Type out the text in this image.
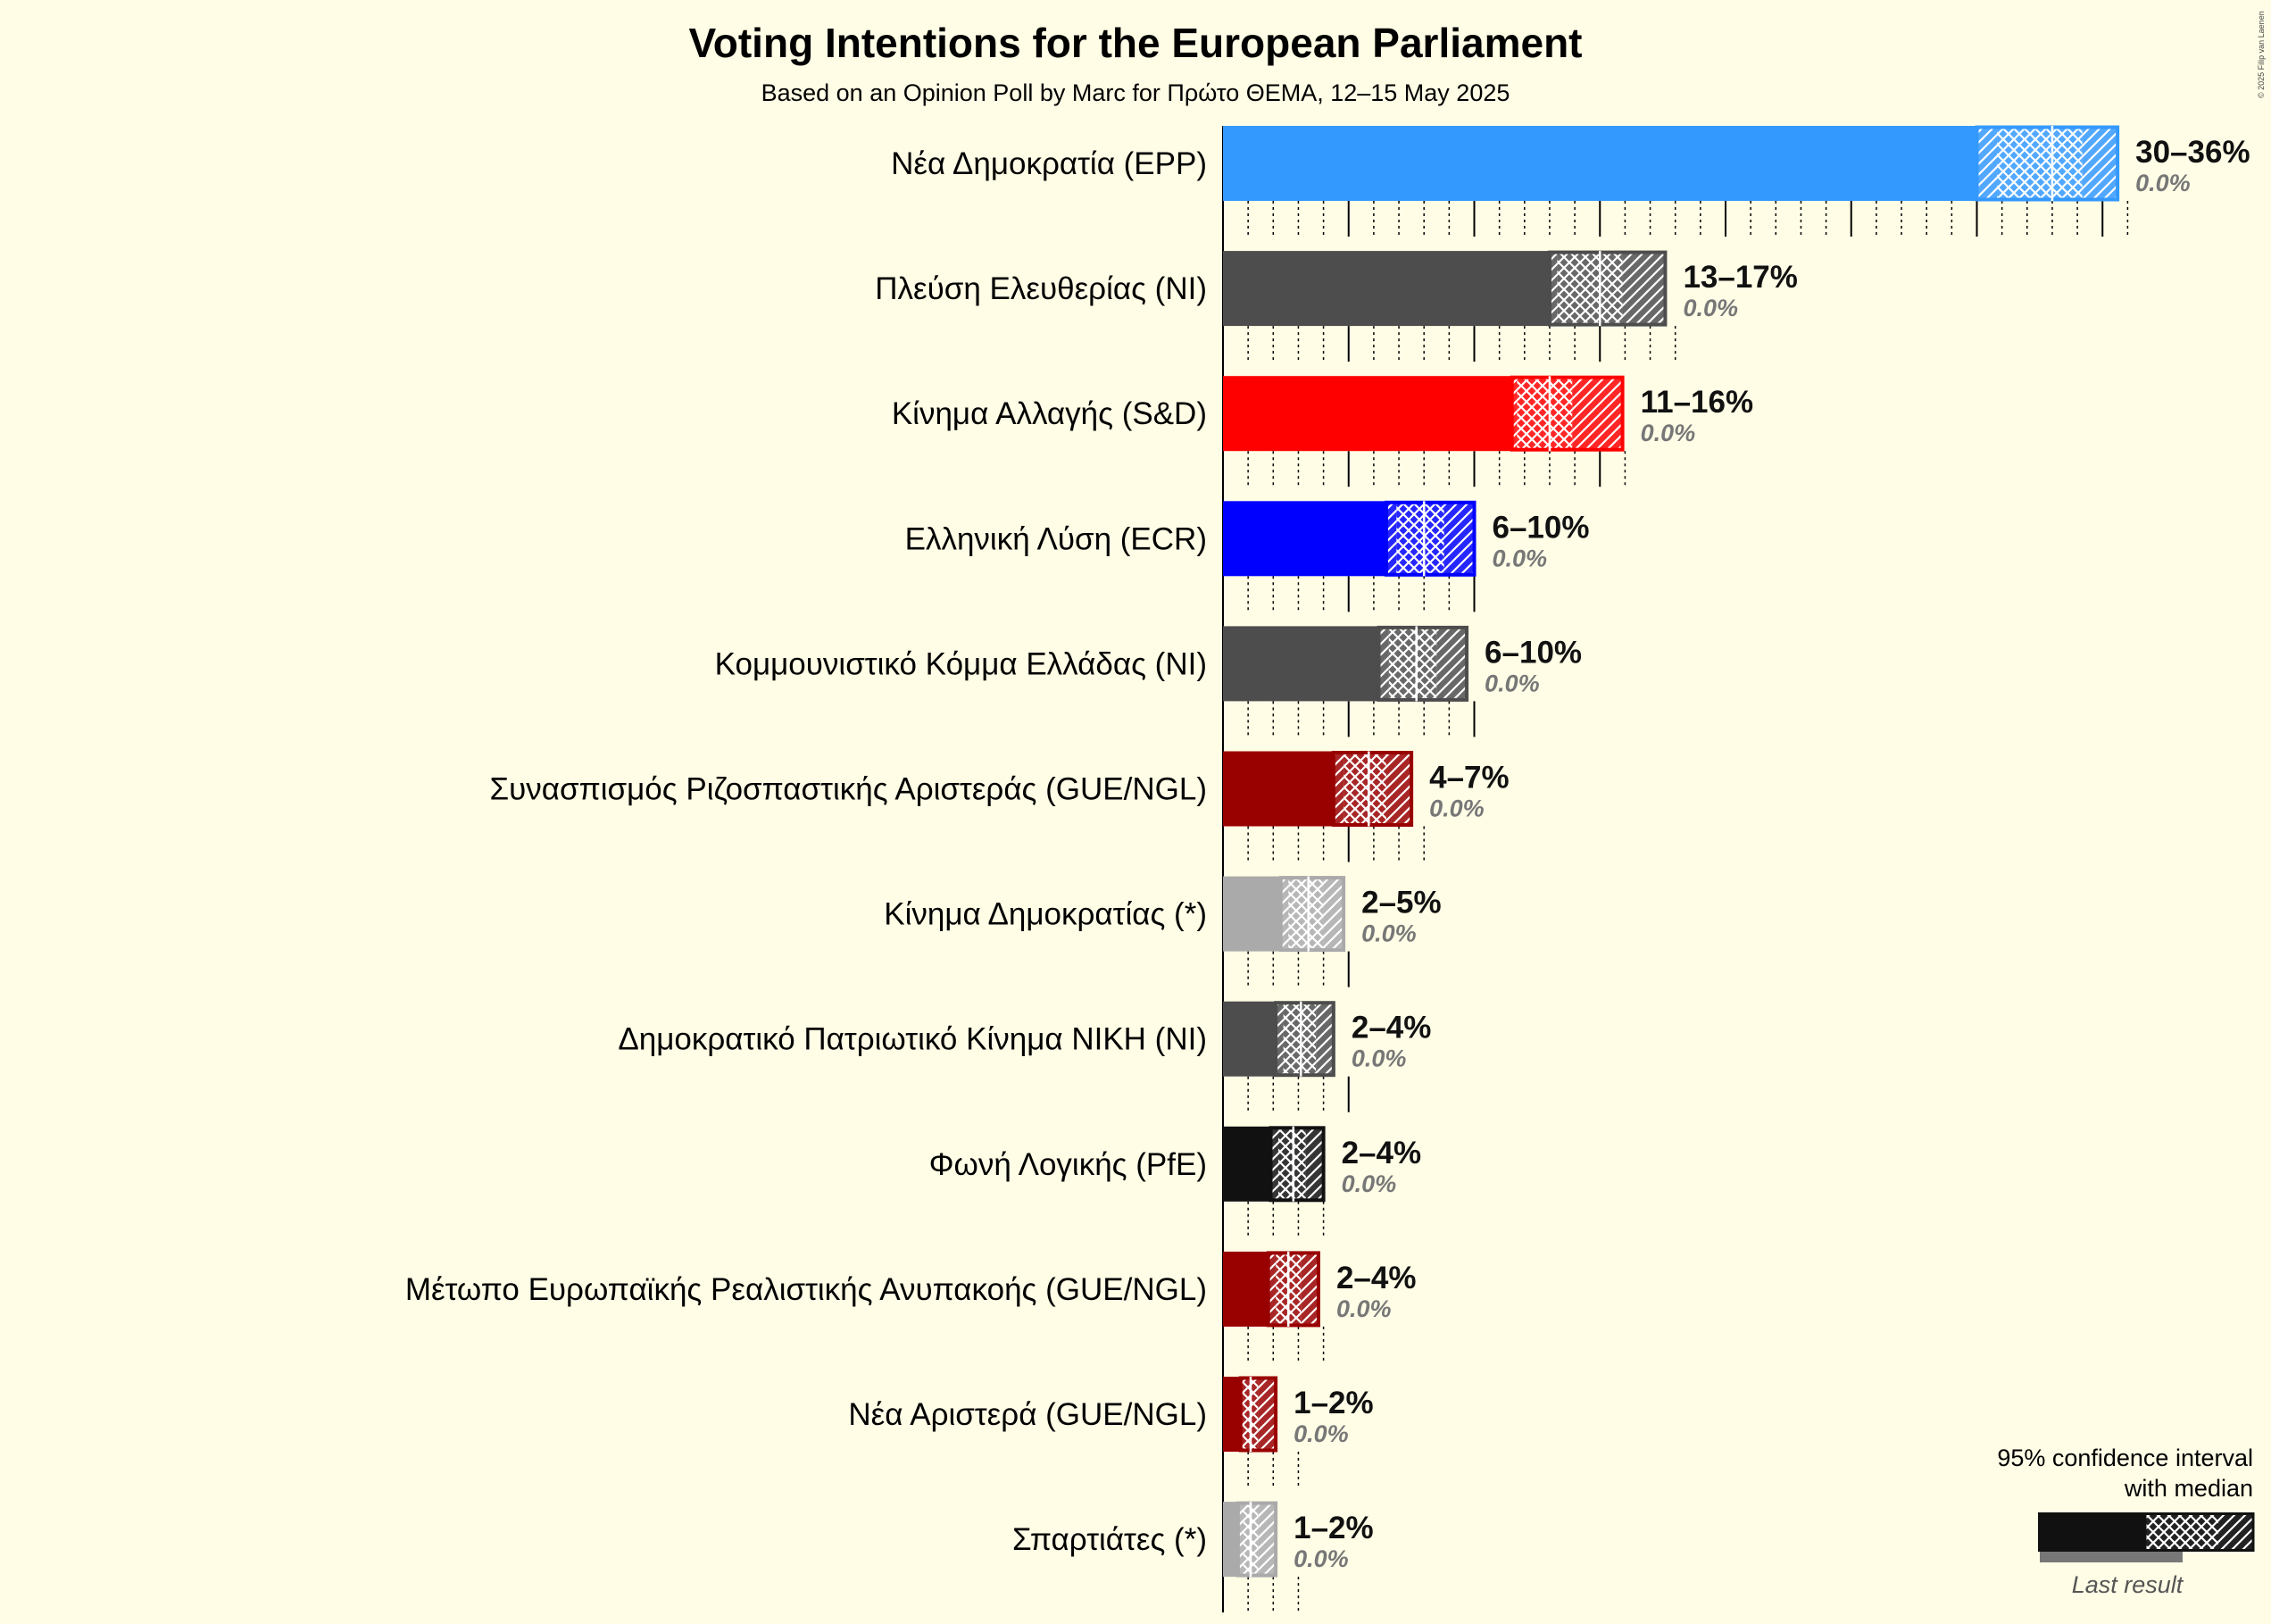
Voting Intentions for the European Parliament
Based on an Opinion Poll by Marc for Πρώτο ΘΕΜΑ, 12–15 May 2025	© 2025 Filip van Laenen
Νέα Δημοκρατία (EPP)	30–36%
0.0%
Πλεύση Ελευθερίας (NI)	13–17%
0.0%
Κίνημα Αλλαγής (S&D)	11–16%
0.0%
Ελληνική Λύση (ECR)	6–10%
0.0%
Κομμουνιστικό Κόμμα Ελλάδας (NI)	6–10%
0.0%
Συνασπισμός Ριζοσπαστικής Αριστεράς (GUE/NGL)	4–7%
0.0%
Κίνημα Δημοκρατίας (*)	2–5%
0.0%
Δημοκρατικό Πατριωτικό Κίνημα ΝΙΚΗ (NI)	2–4%
0.0%
Φωνή Λογικής (PfE)	2–4%
0.0%
Μέτωπο Ευρωπαϊκής Ρεαλιστικής Ανυπακοής (GUE/NGL)	2–4%
0.0%
Νέα Αριστερά (GUE/NGL)	1–2%
0.0%
Σπαρτιάτες (*)	1–2%
0.0%
95% confidence interval
with median
Last result
